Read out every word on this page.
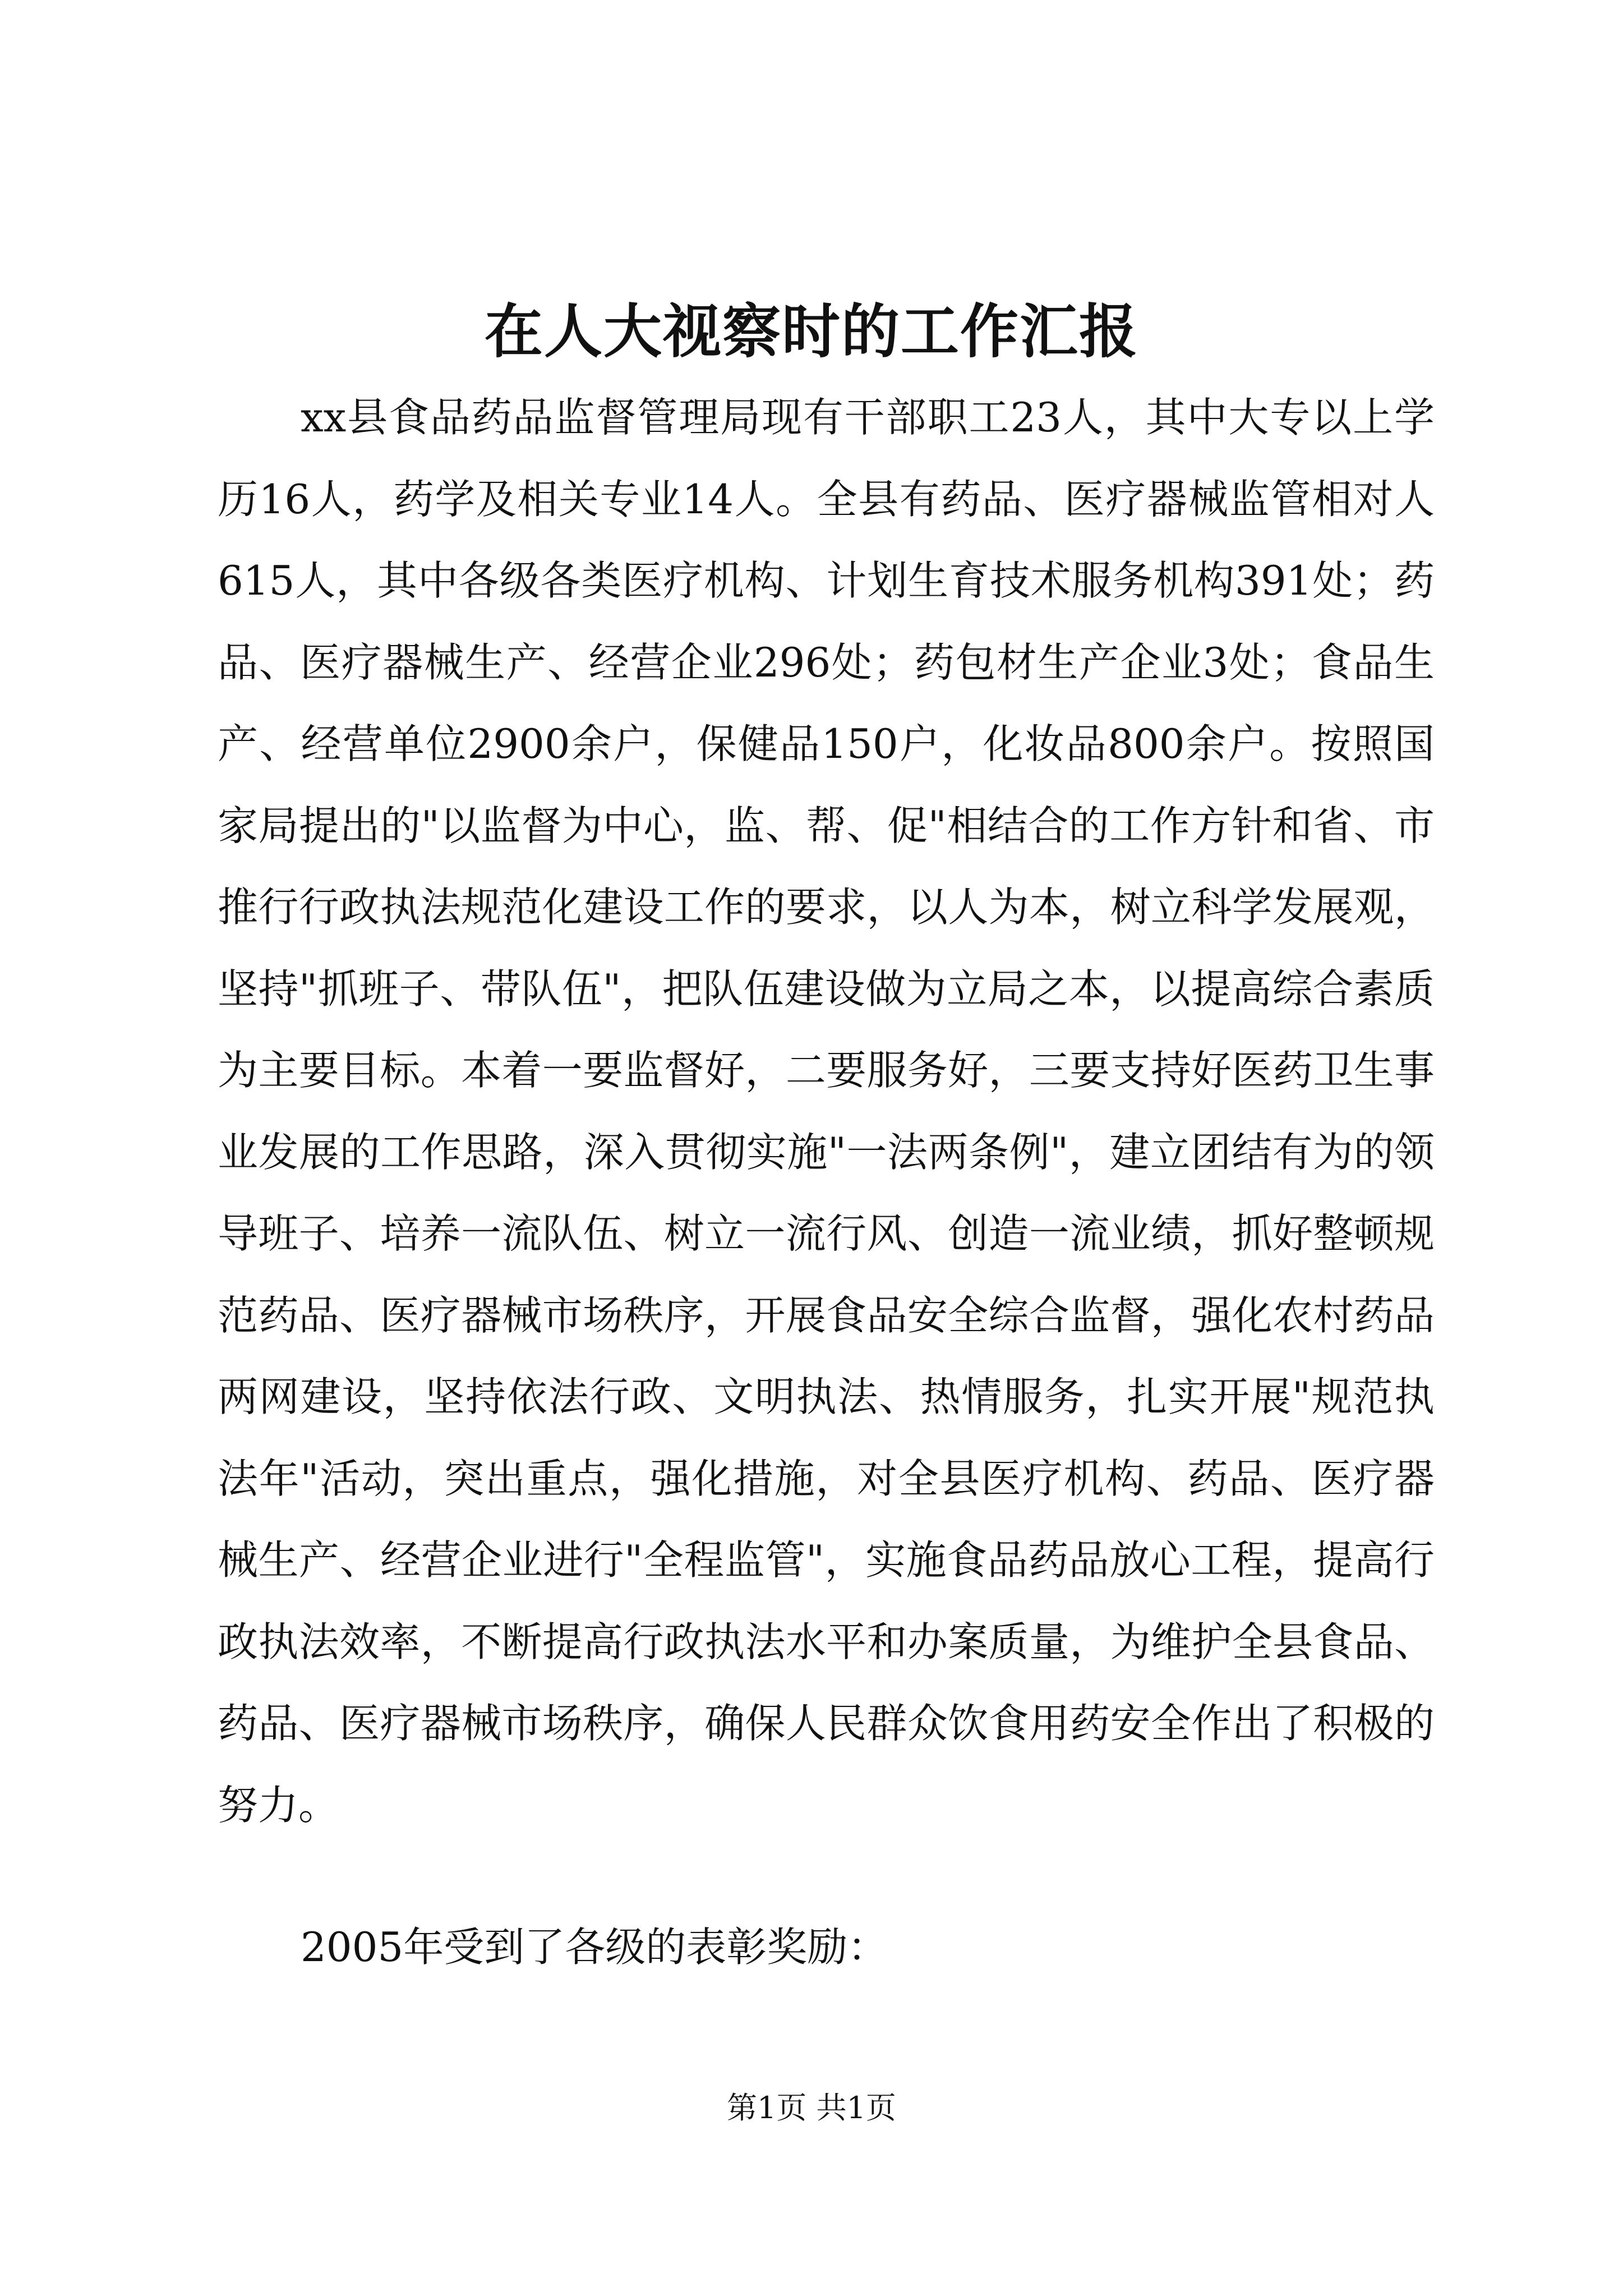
在人大视察时的工作汇报

xx县食品药品监督管理局现有干部职工23人，其中大专以上学历16人，药学及相关专业14人。全县有药品、医疗器械监管相对人615人，其中各级各类医疗机构、计划生育技术服务机构391处；药品、医疗器械生产、经营企业296处；药包材生产企业3处；食品生产、经营单位2900余户，保健品150户，化妆品800余户。按照国家局提出的"以监督为中心，监、帮、促"相结合的工作方针和省、市推行行政执法规范化建设工作的要求，以人为本，树立科学发展观，坚持"抓班子、带队伍"，把队伍建设做为立局之本，以提高综合素质为主要目标。本着一要监督好，二要服务好，三要支持好医药卫生事业发展的工作思路，深入贯彻实施"一法两条例"，建立团结有为的领导班子、培养一流队伍、树立一流行风、创造一流业绩，抓好整顿规范药品、医疗器械市场秩序，开展食品安全综合监督，强化农村药品两网建设，坚持依法行政、文明执法、热情服务，扎实开展"规范执法年"活动，突出重点，强化措施，对全县医疗机构、药品、医疗器械生产、经营企业进行"全程监管"，实施食品药品放心工程，提高行政执法效率，不断提高行政执法水平和办案质量，为维护全县食品、药品、医疗器械市场秩序，确保人民群众饮食用药安全作出了积极的努力。

2005年受到了各级的表彰奖励：

第1页 共1页
